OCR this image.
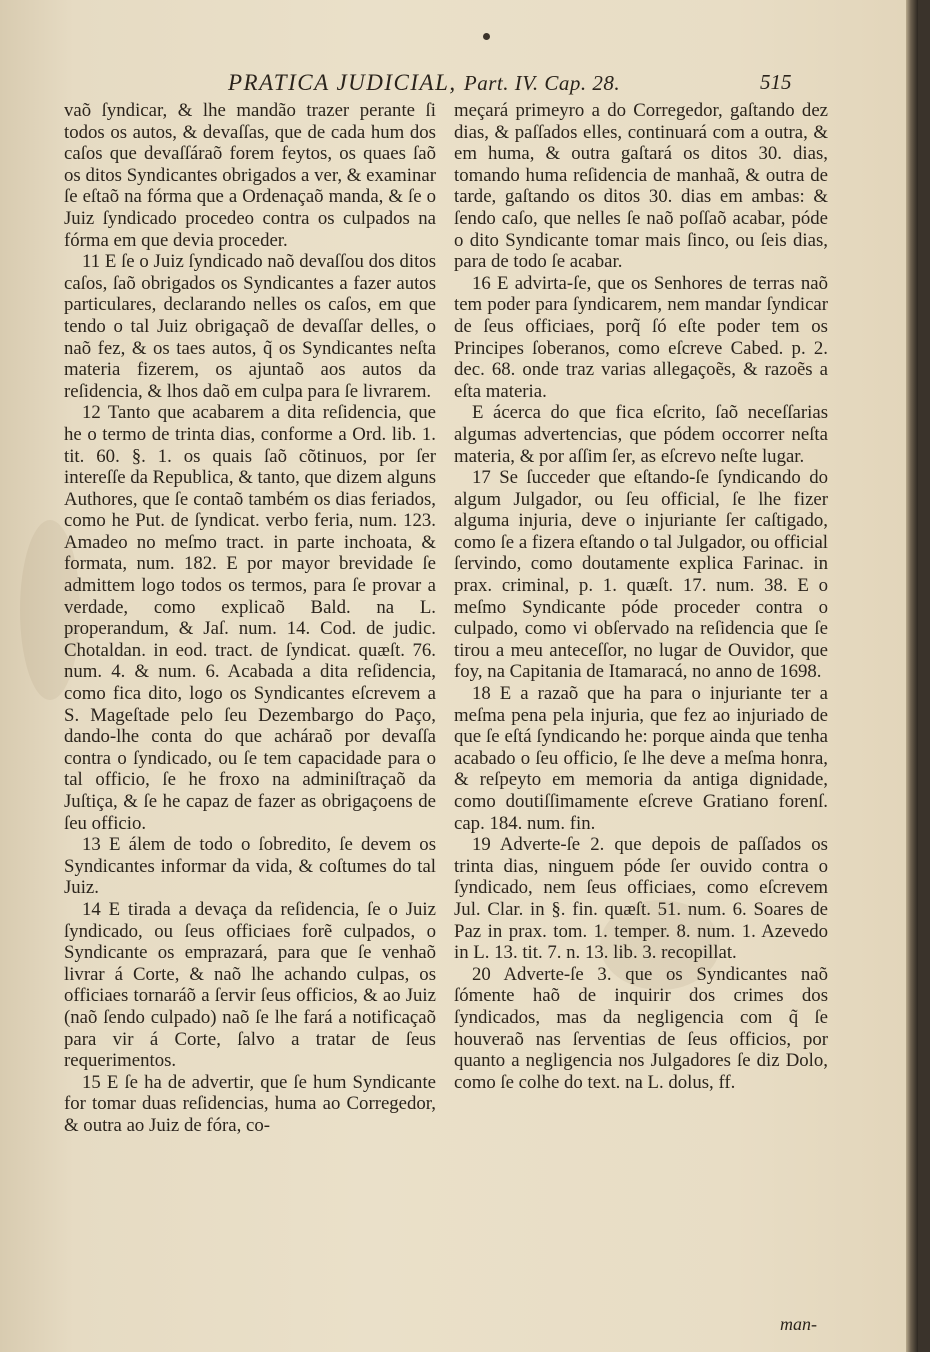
PRATICA JUDICIAL, Part. IV. Cap. 28.	515

vaõ ſyndicar, & lhe mandão trazer perante ſi todos os autos, & devaſſas, que de cada hum dos caſos que devaſſáraõ forem feytos, os quaes ſaõ os ditos Syndicantes obrigados a ver, & examinar ſe eſtaõ na fórma que a Ordenaçaõ manda, & ſe o Juiz ſyndicado procedeo contra os culpados na fórma em que devia proceder.

11 E ſe o Juiz ſyndicado naõ devaſſou dos ditos caſos, ſaõ obrigados os Syndicantes a fazer autos particulares, declarando nelles os caſos, em que tendo o tal Juiz obrigaçaõ de devaſſar delles, o naõ fez, & os taes autos, q̃ os Syndicantes neſta materia fizerem, os ajuntaõ aos autos da reſidencia, & lhos daõ em culpa para ſe livrarem.

12 Tanto que acabarem a dita reſidencia, que he o termo de trinta dias, conforme a Ord. lib. 1. tit. 60. §. 1. os quais ſaõ cõtinuos, por ſer intereſſe da Republica, & tanto, que dizem alguns Authores, que ſe contaõ também os dias feriados, como he Put. de ſyndicat. verbo feria, num. 123. Amadeo no meſmo tract. in parte inchoata, & formata, num. 182. E por mayor brevidade ſe admittem logo todos os termos, para ſe provar a verdade, como explicaõ Bald. na L. properandum, & Jaſ. num. 14. Cod. de judic. Chotaldan. in eod. tract. de ſyndicat. quæſt. 76. num. 4. & num. 6. Acabada a dita reſidencia, como fica dito, logo os Syndicantes eſcrevem a S. Mageſtade pelo ſeu Dezembargo do Paço, dando-lhe conta do que acháraõ por devaſſa contra o ſyndicado, ou ſe tem capacidade para o tal officio, ſe he froxo na adminiſtraçaõ da Juſtiça, & ſe he capaz de fazer as obrigaçoens de ſeu officio.

13 E álem de todo o ſobredito, ſe devem os Syndicantes informar da vida, & coſtumes do tal Juiz.

14 E tirada a devaça da reſidencia, ſe o Juiz ſyndicado, ou ſeus officiaes forẽ culpados, o Syndicante os emprazará, para que ſe venhaõ livrar á Corte, & naõ lhe achando culpas, os officiaes tornaráõ a ſervir ſeus officios, & ao Juiz (naõ ſendo culpado) naõ ſe lhe fará a notificaçaõ para vir á Corte, ſalvo a tratar de ſeus requerimentos.

15 E ſe ha de advertir, que ſe hum Syndicante for tomar duas reſidencias, huma ao Corregedor, & outra ao Juiz de fóra, co-

meçará primeyro a do Corregedor, gaſtando dez dias, & paſſados elles, continuará com a outra, & em huma, & outra gaſtará os ditos 30. dias, tomando huma reſidencia de manhaã, & outra de tarde, gaſtando os ditos 30. dias em ambas: & ſendo caſo, que nelles ſe naõ poſſaõ acabar, póde o dito Syndicante tomar mais ſinco, ou ſeis dias, para de todo ſe acabar.

16 E advirta-ſe, que os Senhores de terras naõ tem poder para ſyndicarem, nem mandar ſyndicar de ſeus officiaes, porq̃ ſó eſte poder tem os Principes ſoberanos, como eſcreve Cabed. p. 2. dec. 68. onde traz varias allegaçoẽs, & razoẽs a eſta materia.

E ácerca do que fica eſcrito, ſaõ neceſſarias algumas advertencias, que pódem occorrer neſta materia, & por aſſim ſer, as eſcrevo neſte lugar.

17 Se ſucceder que eſtando-ſe ſyndicando do algum Julgador, ou ſeu official, ſe lhe fizer alguma injuria, deve o injuriante ſer caſtigado, como ſe a fizera eſtando o tal Julgador, ou official ſervindo, como doutamente explica Farinac. in prax. criminal, p. 1. quæſt. 17. num. 38. E o meſmo Syndicante póde proceder contra o culpado, como vi obſervado na reſidencia que ſe tirou a meu anteceſſor, no lugar de Ouvidor, que foy, na Capitania de Itamaracá, no anno de 1698.

18 E a razaõ que ha para o injuriante ter a meſma pena pela injuria, que fez ao injuriado de que ſe eſtá ſyndicando he: porque ainda que tenha acabado o ſeu officio, ſe lhe deve a meſma honra, & reſpeyto em memoria da antiga dignidade, como doutiſſimamente eſcreve Gratiano forenſ. cap. 184. num. fin.

19 Adverte-ſe 2. que depois de paſſados os trinta dias, ninguem póde ſer ouvido contra o ſyndicado, nem ſeus officiaes, como eſcrevem Jul. Clar. in §. fin. quæſt. 51. num. 6. Soares de Paz in prax. tom. 1. temper. 8. num. 1. Azevedo in L. 13. tit. 7. n. 13. lib. 3. recopillat.

20 Adverte-ſe 3. que os Syndicantes naõ ſómente haõ de inquirir dos crimes dos ſyndicados, mas da negligencia com q̃ ſe houveraõ nas ſerventias de ſeus officios, por quanto a negligencia nos Julgadores ſe diz Dolo, como ſe colhe do text. na L. dolus, ff.

man-
